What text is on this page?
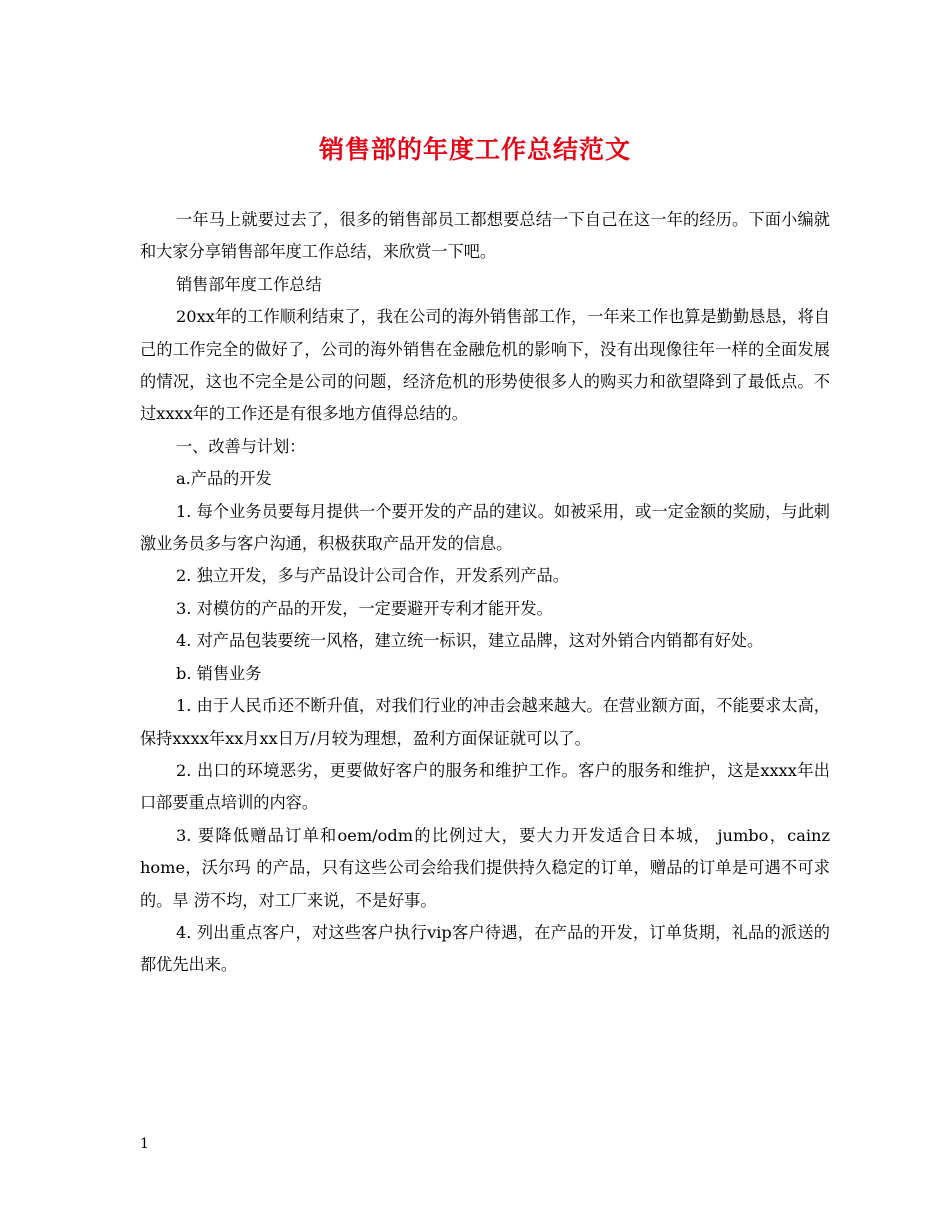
销售部的年度工作总结范文

一年马上就要过去了，很多的销售部员工都想要总结一下自己在这一年的经历。下面小编就和大家分享销售部年度工作总结，来欣赏一下吧。

销售部年度工作总结

20xx年的工作顺利结束了，我在公司的海外销售部工作，一年来工作也算是勤勤恳恳，将自己的工作完全的做好了，公司的海外销售在金融危机的影响下，没有出现像往年一样的全面发展的情况，这也不完全是公司的问题，经济危机的形势使很多人的购买力和欲望降到了最低点。不过xxxx年的工作还是有很多地方值得总结的。

一、改善与计划：

a.产品的开发

1. 每个业务员要每月提供一个要开发的产品的建议。如被采用，或一定金额的奖励，与此刺激业务员多与客户沟通，积极获取产品开发的信息。

2. 独立开发，多与产品设计公司合作，开发系列产品。

3. 对模仿的产品的开发，一定要避开专利才能开发。

4. 对产品包装要统一风格，建立统一标识，建立品牌，这对外销合内销都有好处。

b. 销售业务

1. 由于人民币还不断升值，对我们行业的冲击会越来越大。在营业额方面，不能要求太高，保持xxxx年xx月xx日万/月较为理想，盈利方面保证就可以了。

2. 出口的环境恶劣，更要做好客户的服务和维护工作。客户的服务和维护，这是xxxx年出口部要重点培训的内容。

3. 要降低赠品订单和oem/odm的比例过大，要大力开发适合日本城， jumbo，cainz home，沃尔玛 的产品，只有这些公司会给我们提供持久稳定的订单，赠品的订单是可遇不可求的。旱 涝不均，对工厂来说，不是好事。

4. 列出重点客户，对这些客户执行vip客户待遇，在产品的开发，订单货期，礼品的派送的都优先出来。

1
